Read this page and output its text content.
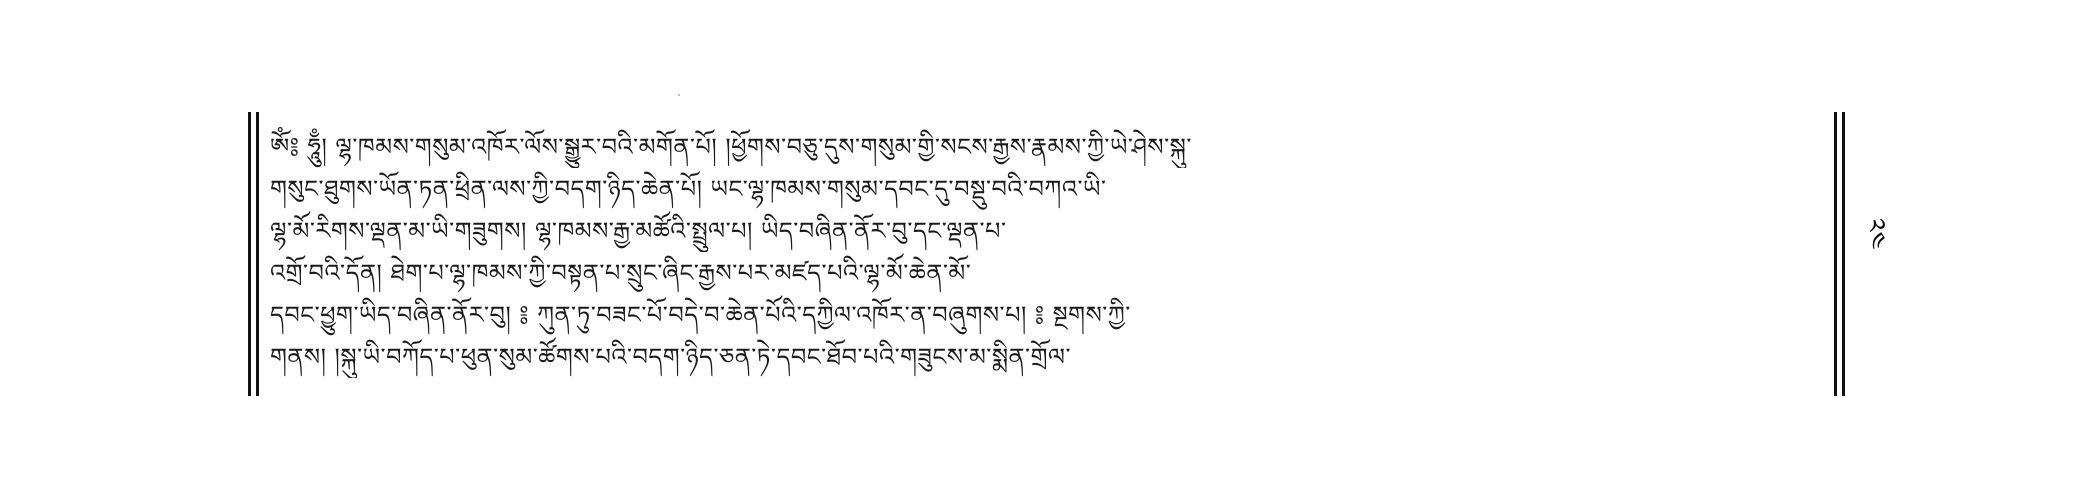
ༀ༔ ཧཱུྃ། ལྷ་ཁམས་གསུམ་འཁོར་ལོས་སྒྱུར་བའི་མགོན་པོ། །ཕྱོགས་བཅུ་དུས་གསུམ་གྱི་སངས་རྒྱས་རྣམས་ཀྱི་ཡེ་ཤེས་སྐུ་
གསུང་ཐུགས་ཡོན་ཏན་ཕྲིན་ལས་ཀྱི་བདག་ཉིད་ཆེན་པོ། ཡང་ལྷ་ཁམས་གསུམ་དབང་དུ་བསྡུ་བའི་བཀའ་ཡི་
ལྷ་མོ་རིགས་ལྡན་མ་ཡི་གཟུགས། ལྷ་ཁམས་རྒྱ་མཚོའི་སྤྲུལ་པ། ཡིད་བཞིན་ནོར་བུ་དང་ལྡན་པ་
འགྲོ་བའི་དོན། ཐེག་པ་ལྷ་ཁམས་ཀྱི་བསྟན་པ་སྲུང་ཞིང་རྒྱས་པར་མཛད་པའི་ལྷ་མོ་ཆེན་མོ་
དབང་ཕྱུག་ཡིད་བཞིན་ནོར་བུ། ༔ ཀུན་ཏུ་བཟང་པོ་བདེ་བ་ཆེན་པོའི་དཀྱིལ་འཁོར་ན་བཞུགས་པ། ༔ སྔགས་ཀྱི་
གནས། །སྐུ་ཡི་བཀོད་པ་ཕུན་སུམ་ཚོགས་པའི་བདག་ཉིད་ཅན་ཏེ་དབང་ཐོབ་པའི་གཟུངས་མ་སྨིན་གྲོལ་
༢༤
